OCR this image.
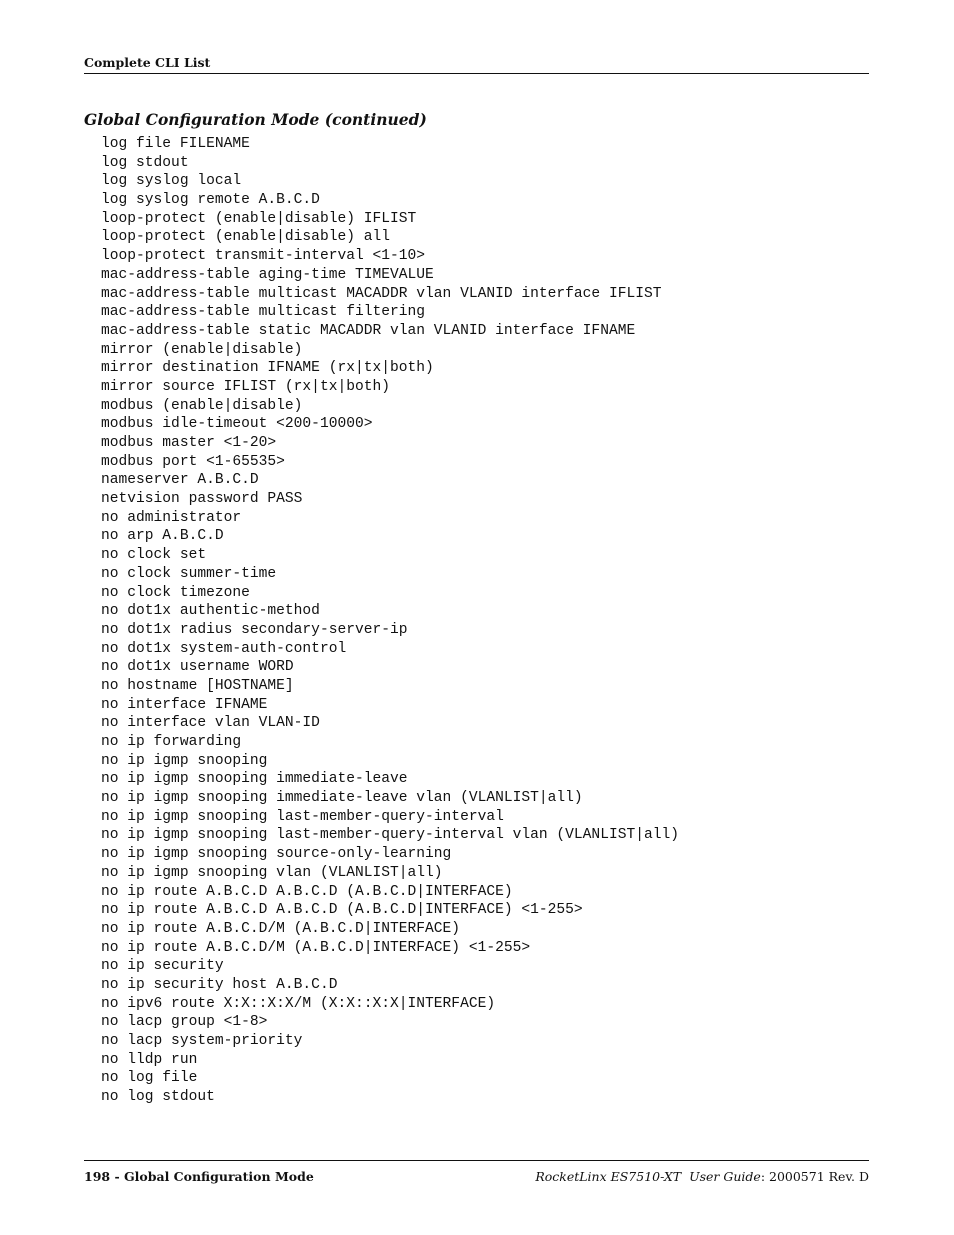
Complete CLI List
Global Configuration Mode (continued)
log file FILENAME
log stdout
log syslog local
log syslog remote A.B.C.D
loop-protect (enable|disable) IFLIST
loop-protect (enable|disable) all
loop-protect transmit-interval <1-10>
mac-address-table aging-time TIMEVALUE
mac-address-table multicast MACADDR vlan VLANID interface IFLIST
mac-address-table multicast filtering
mac-address-table static MACADDR vlan VLANID interface IFNAME
mirror (enable|disable)
mirror destination IFNAME (rx|tx|both)
mirror source IFLIST (rx|tx|both)
modbus (enable|disable)
modbus idle-timeout <200-10000>
modbus master <1-20>
modbus port <1-65535>
nameserver A.B.C.D
netvision password PASS
no administrator
no arp A.B.C.D
no clock set
no clock summer-time
no clock timezone
no dot1x authentic-method
no dot1x radius secondary-server-ip
no dot1x system-auth-control
no dot1x username WORD
no hostname [HOSTNAME]
no interface IFNAME
no interface vlan VLAN-ID
no ip forwarding
no ip igmp snooping
no ip igmp snooping immediate-leave
no ip igmp snooping immediate-leave vlan (VLANLIST|all)
no ip igmp snooping last-member-query-interval
no ip igmp snooping last-member-query-interval vlan (VLANLIST|all)
no ip igmp snooping source-only-learning
no ip igmp snooping vlan (VLANLIST|all)
no ip route A.B.C.D A.B.C.D (A.B.C.D|INTERFACE)
no ip route A.B.C.D A.B.C.D (A.B.C.D|INTERFACE) <1-255>
no ip route A.B.C.D/M (A.B.C.D|INTERFACE)
no ip route A.B.C.D/M (A.B.C.D|INTERFACE) <1-255>
no ip security
no ip security host A.B.C.D
no ipv6 route X:X::X:X/M (X:X::X:X|INTERFACE)
no lacp group <1-8>
no lacp system-priority
no lldp run
no log file
no log stdout
198 - Global Configuration Mode	RocketLinx ES7510-XT  User Guide: 2000571 Rev. D
